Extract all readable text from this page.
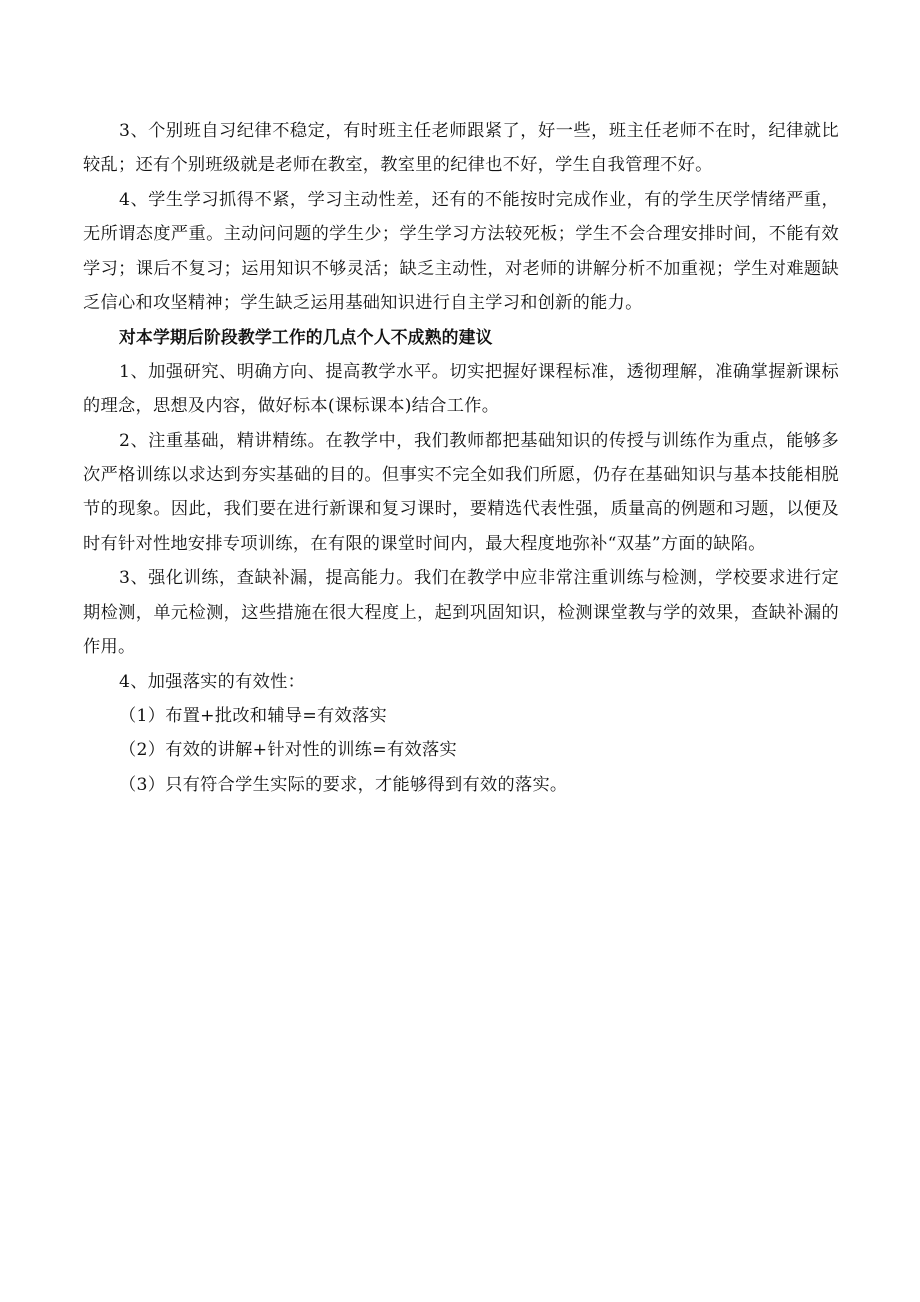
3、个别班自习纪律不稳定，有时班主任老师跟紧了，好一些，班主任老师不在时，纪律就比较乱；还有个别班级就是老师在教室，教室里的纪律也不好，学生自我管理不好。

4、学生学习抓得不紧，学习主动性差，还有的不能按时完成作业，有的学生厌学情绪严重，无所谓态度严重。主动问问题的学生少；学生学习方法较死板；学生不会合理安排时间，不能有效学习；课后不复习；运用知识不够灵活；缺乏主动性，对老师的讲解分析不加重视；学生对难题缺乏信心和攻坚精神；学生缺乏运用基础知识进行自主学习和创新的能力。

对本学期后阶段教学工作的几点个人不成熟的建议

1、加强研究、明确方向、提高教学水平。切实把握好课程标准，透彻理解，准确掌握新课标的理念，思想及内容，做好标本(课标课本)结合工作。

2、注重基础，精讲精练。在教学中，我们教师都把基础知识的传授与训练作为重点，能够多次严格训练以求达到夯实基础的目的。但事实不完全如我们所愿，仍存在基础知识与基本技能相脱节的现象。因此，我们要在进行新课和复习课时，要精选代表性强，质量高的例题和习题，以便及时有针对性地安排专项训练，在有限的课堂时间内，最大程度地弥补“双基”方面的缺陷。

3、强化训练，查缺补漏，提高能力。我们在教学中应非常注重训练与检测，学校要求进行定期检测，单元检测，这些措施在很大程度上，起到巩固知识，检测课堂教与学的效果，查缺补漏的作用。

4、加强落实的有效性：

（1）布置+批改和辅导=有效落实

（2）有效的讲解+针对性的训练=有效落实

（3）只有符合学生实际的要求，才能够得到有效的落实。
